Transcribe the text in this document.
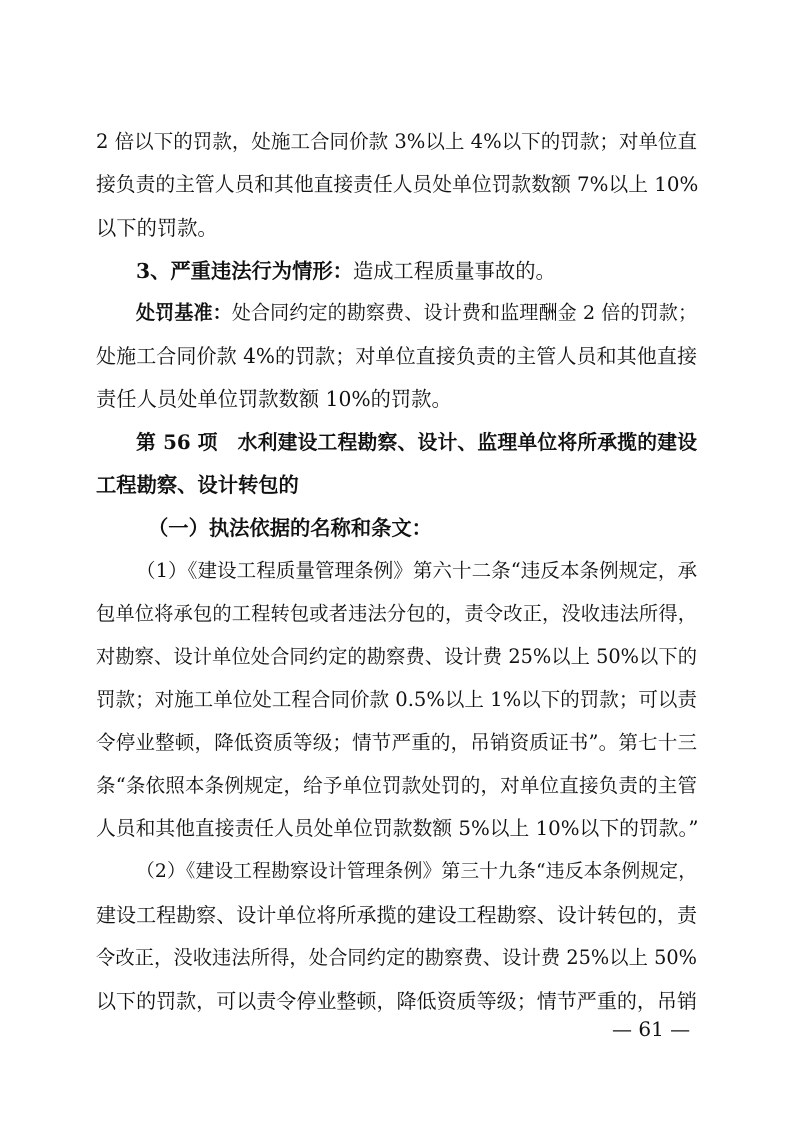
2 倍以下的罚款，处施工合同价款 3%以上 4%以下的罚款；对单位直
接负责的主管人员和其他直接责任人员处单位罚款数额 7%以上 10%
以下的罚款。
3、严重违法行为情形：造成工程质量事故的。
处罚基准：处合同约定的勘察费、设计费和监理酬金 2 倍的罚款；
处施工合同价款 4%的罚款；对单位直接负责的主管人员和其他直接
责任人员处单位罚款数额 10%的罚款。
第 56 项　水利建设工程勘察、设计、监理单位将所承揽的建设
工程勘察、设计转包的
（一）执法依据的名称和条文：
（1）《建设工程质量管理条例》第六十二条“违反本条例规定，承
包单位将承包的工程转包或者违法分包的，责令改正，没收违法所得，
对勘察、设计单位处合同约定的勘察费、设计费 25%以上 50%以下的
罚款；对施工单位处工程合同价款 0.5%以上 1%以下的罚款；可以责
令停业整顿，降低资质等级；情节严重的，吊销资质证书”。第七十三
条“条依照本条例规定，给予单位罚款处罚的，对单位直接负责的主管
人员和其他直接责任人员处单位罚款数额 5%以上 10%以下的罚款。”
（2）《建设工程勘察设计管理条例》第三十九条“违反本条例规定，
建设工程勘察、设计单位将所承揽的建设工程勘察、设计转包的，责
令改正，没收违法所得，处合同约定的勘察费、设计费 25%以上 50%
以下的罚款，可以责令停业整顿，降低资质等级；情节严重的，吊销
— 61 —
